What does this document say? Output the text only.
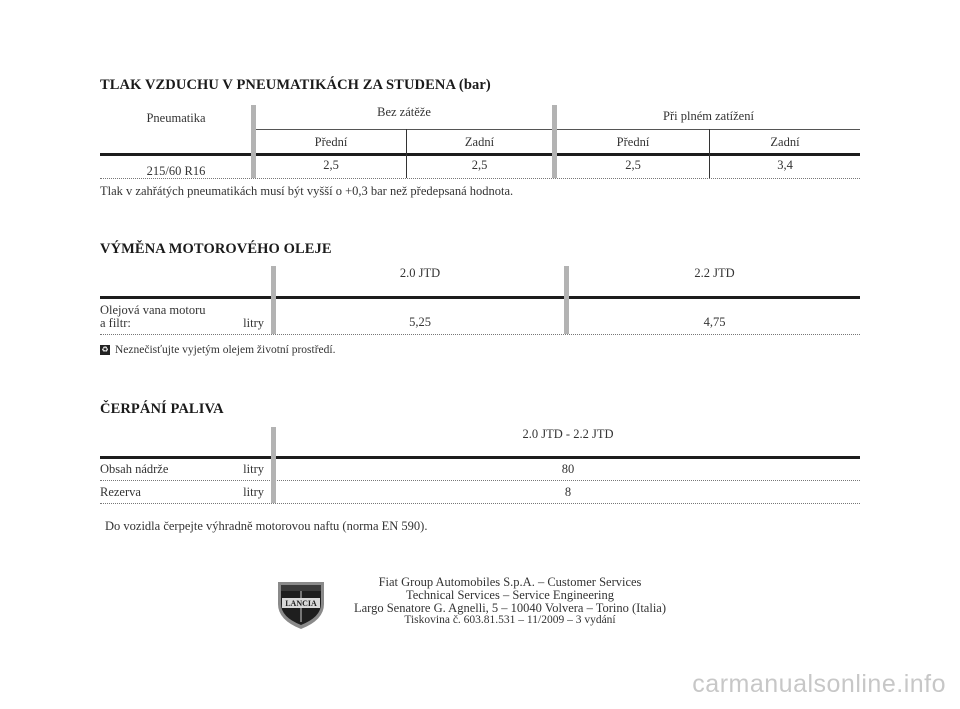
TLAK VZDUCHU V PNEUMATIKÁCH ZA STUDENA (bar)
Pneumatika	Bez zátěže	Při plném zatížení
Přední	Zadní	Přední	Zadní
215/60 R16	2,5	2,5	2,5	3,4
Tlak v zahřátých pneumatikách musí být vyšší o +0,3 bar než předepsaná hodnota.
VÝMĚNA MOTOROVÉHO OLEJE
2.0 JTD	2.2 JTD
Olejová vana motoru
a filtr:	litry	5,25	4,75
♻ Neznečisťujte vyjetým olejem životní prostředí.
ČERPÁNÍ PALIVA
2.0 JTD - 2.2 JTD
Obsah nádrže	litry	80
Rezerva	litry	8
Do vozidla čerpejte výhradně motorovou naftu (norma EN 590).
LANCIA
Fiat Group Automobiles S.p.A. – Customer Services
Technical Services – Service Engineering
Largo Senatore G. Agnelli, 5 – 10040 Volvera – Torino (Italia)
Tiskovina č. 603.81.531 – 11/2009 – 3 vydání
carmanualsonline.info
